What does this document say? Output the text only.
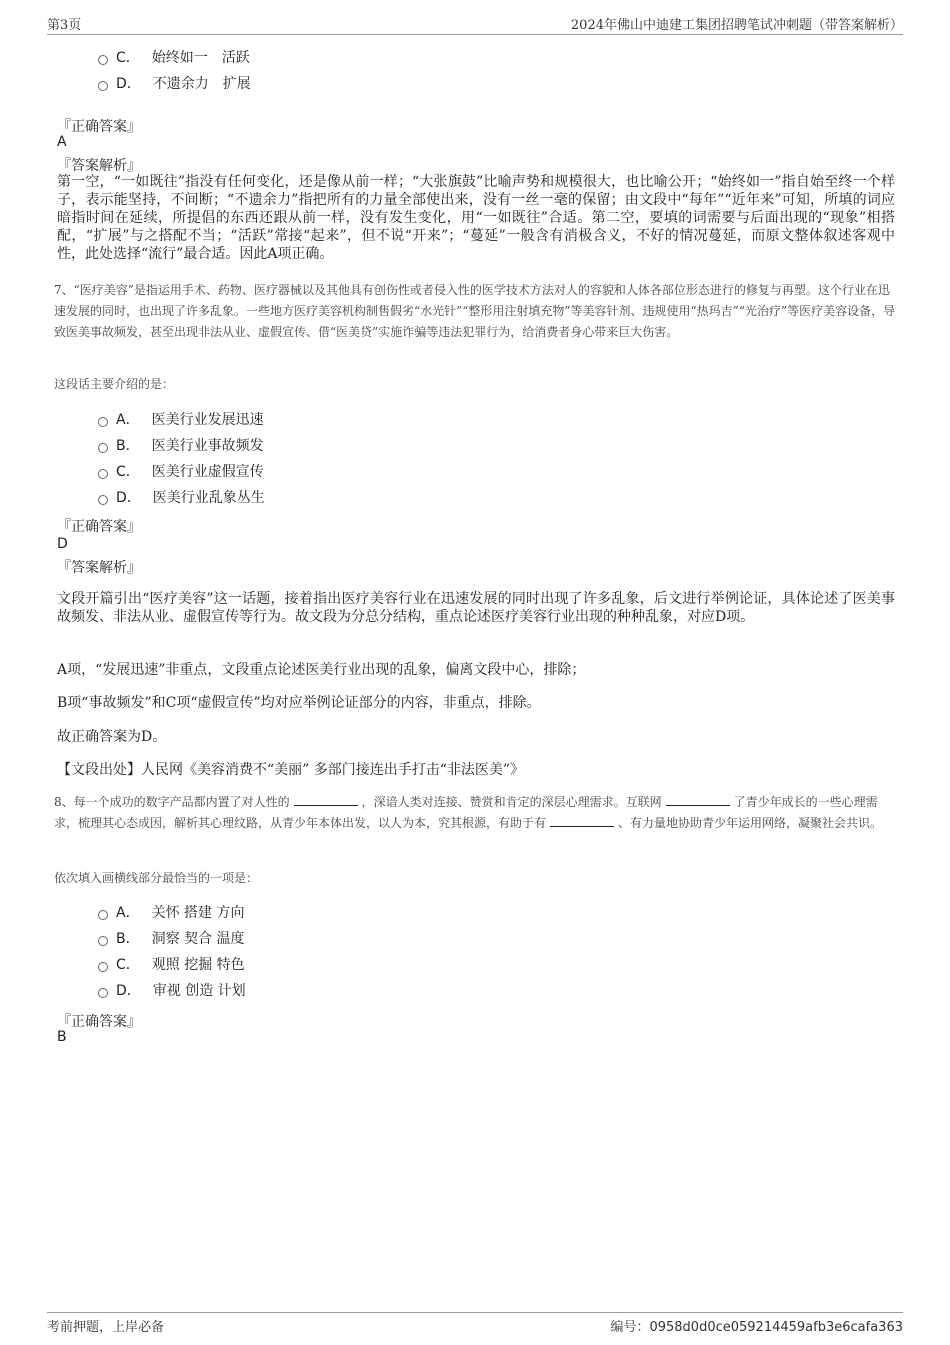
第3页	2024年佛山中迪建工集团招聘笔试冲刺题（带答案解析）
C． 始终如一　活跃
D． 不遗余力　扩展
『正确答案』
A
『答案解析』
第一空，“一如既往”指没有任何变化，还是像从前一样；“大张旗鼓”比喻声势和规模很大，也比喻公开；“始终如一”指自始至终一个样子，表示能坚持，不间断；“不遗余力”指把所有的力量全部使出来，没有一丝一毫的保留；由文段中“每年”“近年来”可知，所填的词应暗指时间在延续，所提倡的东西还跟从前一样，没有发生变化，用“一如既往”合适。第二空，要填的词需要与后面出现的“现象”相搭配，“扩展”与之搭配不当；“活跃”常接“起来”，但不说“开来”；“蔓延”一般含有消极含义，不好的情况蔓延，而原文整体叙述客观中性，此处选择“流行”最合适。因此A项正确。
7、“医疗美容”是指运用手术、药物、医疗器械以及其他具有创伤性或者侵入性的医学技术方法对人的容貌和人体各部位形态进行的修复与再塑。这个行业在迅速发展的同时，也出现了许多乱象。一些地方医疗美容机构制售假劣“水光针”“整形用注射填充物”等美容针剂、违规使用“热玛吉”“光治疗”等医疗美容设备，导致医美事故频发，甚至出现非法从业、虚假宣传、借“医美贷”实施诈骗等违法犯罪行为，给消费者身心带来巨大伤害。
这段话主要介绍的是：
A． 医美行业发展迅速
B． 医美行业事故频发
C． 医美行业虚假宣传
D． 医美行业乱象丛生
『正确答案』
D
『答案解析』
文段开篇引出“医疗美容”这一话题，接着指出医疗美容行业在迅速发展的同时出现了许多乱象，后文进行举例论证，具体论述了医美事故频发、非法从业、虚假宣传等行为。故文段为分总分结构，重点论述医疗美容行业出现的种种乱象，对应D项。
A项，“发展迅速”非重点，文段重点论述医美行业出现的乱象，偏离文段中心，排除；
B项“事故频发”和C项“虚假宣传”均对应举例论证部分的内容，非重点，排除。
故正确答案为D。
【文段出处】人民网《美容消费不“美丽” 多部门接连出手打击“非法医美”》
8、每一个成功的数字产品都内置了对人性的	，深谙人类对连接、赞赏和肯定的深层心理需求。互联网	了青少年成长的一些心理需求，梳理其心态成因，解析其心理纹路，从青少年本体出发，以人为本，究其根源，有助于有	、有力量地协助青少年运用网络，凝聚社会共识。
依次填入画横线部分最恰当的一项是：
A． 关怀 搭建 方向
B． 洞察 契合 温度
C． 观照 挖掘 特色
D． 审视 创造 计划
『正确答案』
B
考前押题，上岸必备	编号：0958d0d0ce059214459afb3e6cafa363
